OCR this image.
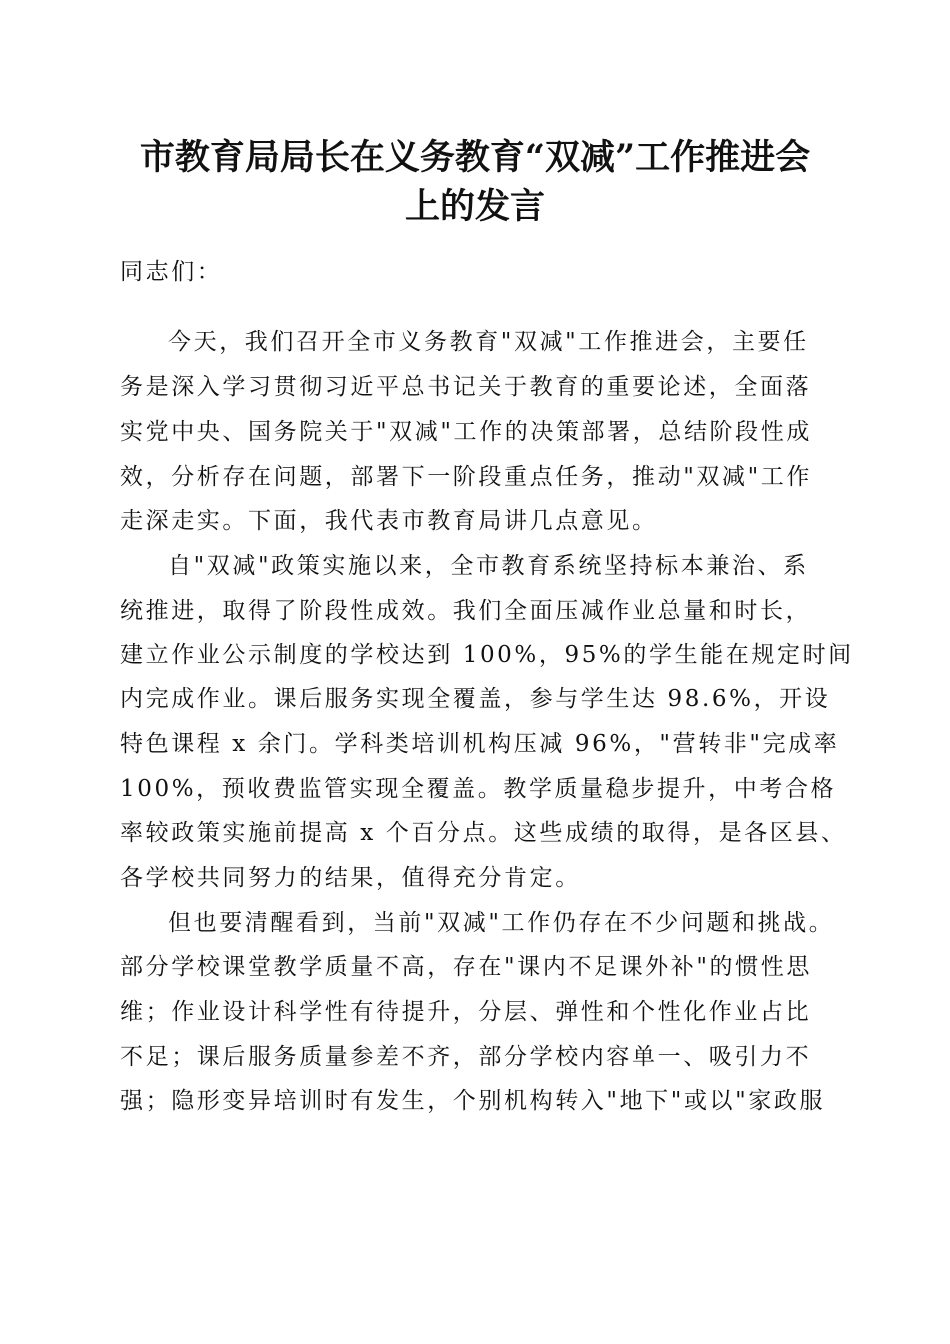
市教育局局长在义务教育“双减”工作推进会
上的发言
同志们：
今天，我们召开全市义务教育"双减"工作推进会，主要任
务是深入学习贯彻习近平总书记关于教育的重要论述，全面落
实党中央、国务院关于"双减"工作的决策部署，总结阶段性成
效，分析存在问题，部署下一阶段重点任务，推动"双减"工作
走深走实。下面，我代表市教育局讲几点意见。
自"双减"政策实施以来，全市教育系统坚持标本兼治、系
统推进，取得了阶段性成效。我们全面压减作业总量和时长，
建立作业公示制度的学校达到 100%，95%的学生能在规定时间
内完成作业。课后服务实现全覆盖，参与学生达 98.6%，开设
特色课程 x 余门。学科类培训机构压减 96%，"营转非"完成率
100%，预收费监管实现全覆盖。教学质量稳步提升，中考合格
率较政策实施前提高 x 个百分点。这些成绩的取得，是各区县、
各学校共同努力的结果，值得充分肯定。
但也要清醒看到，当前"双减"工作仍存在不少问题和挑战。
部分学校课堂教学质量不高，存在"课内不足课外补"的惯性思
维；作业设计科学性有待提升，分层、弹性和个性化作业占比
不足；课后服务质量参差不齐，部分学校内容单一、吸引力不
强；隐形变异培训时有发生，个别机构转入"地下"或以"家政服
